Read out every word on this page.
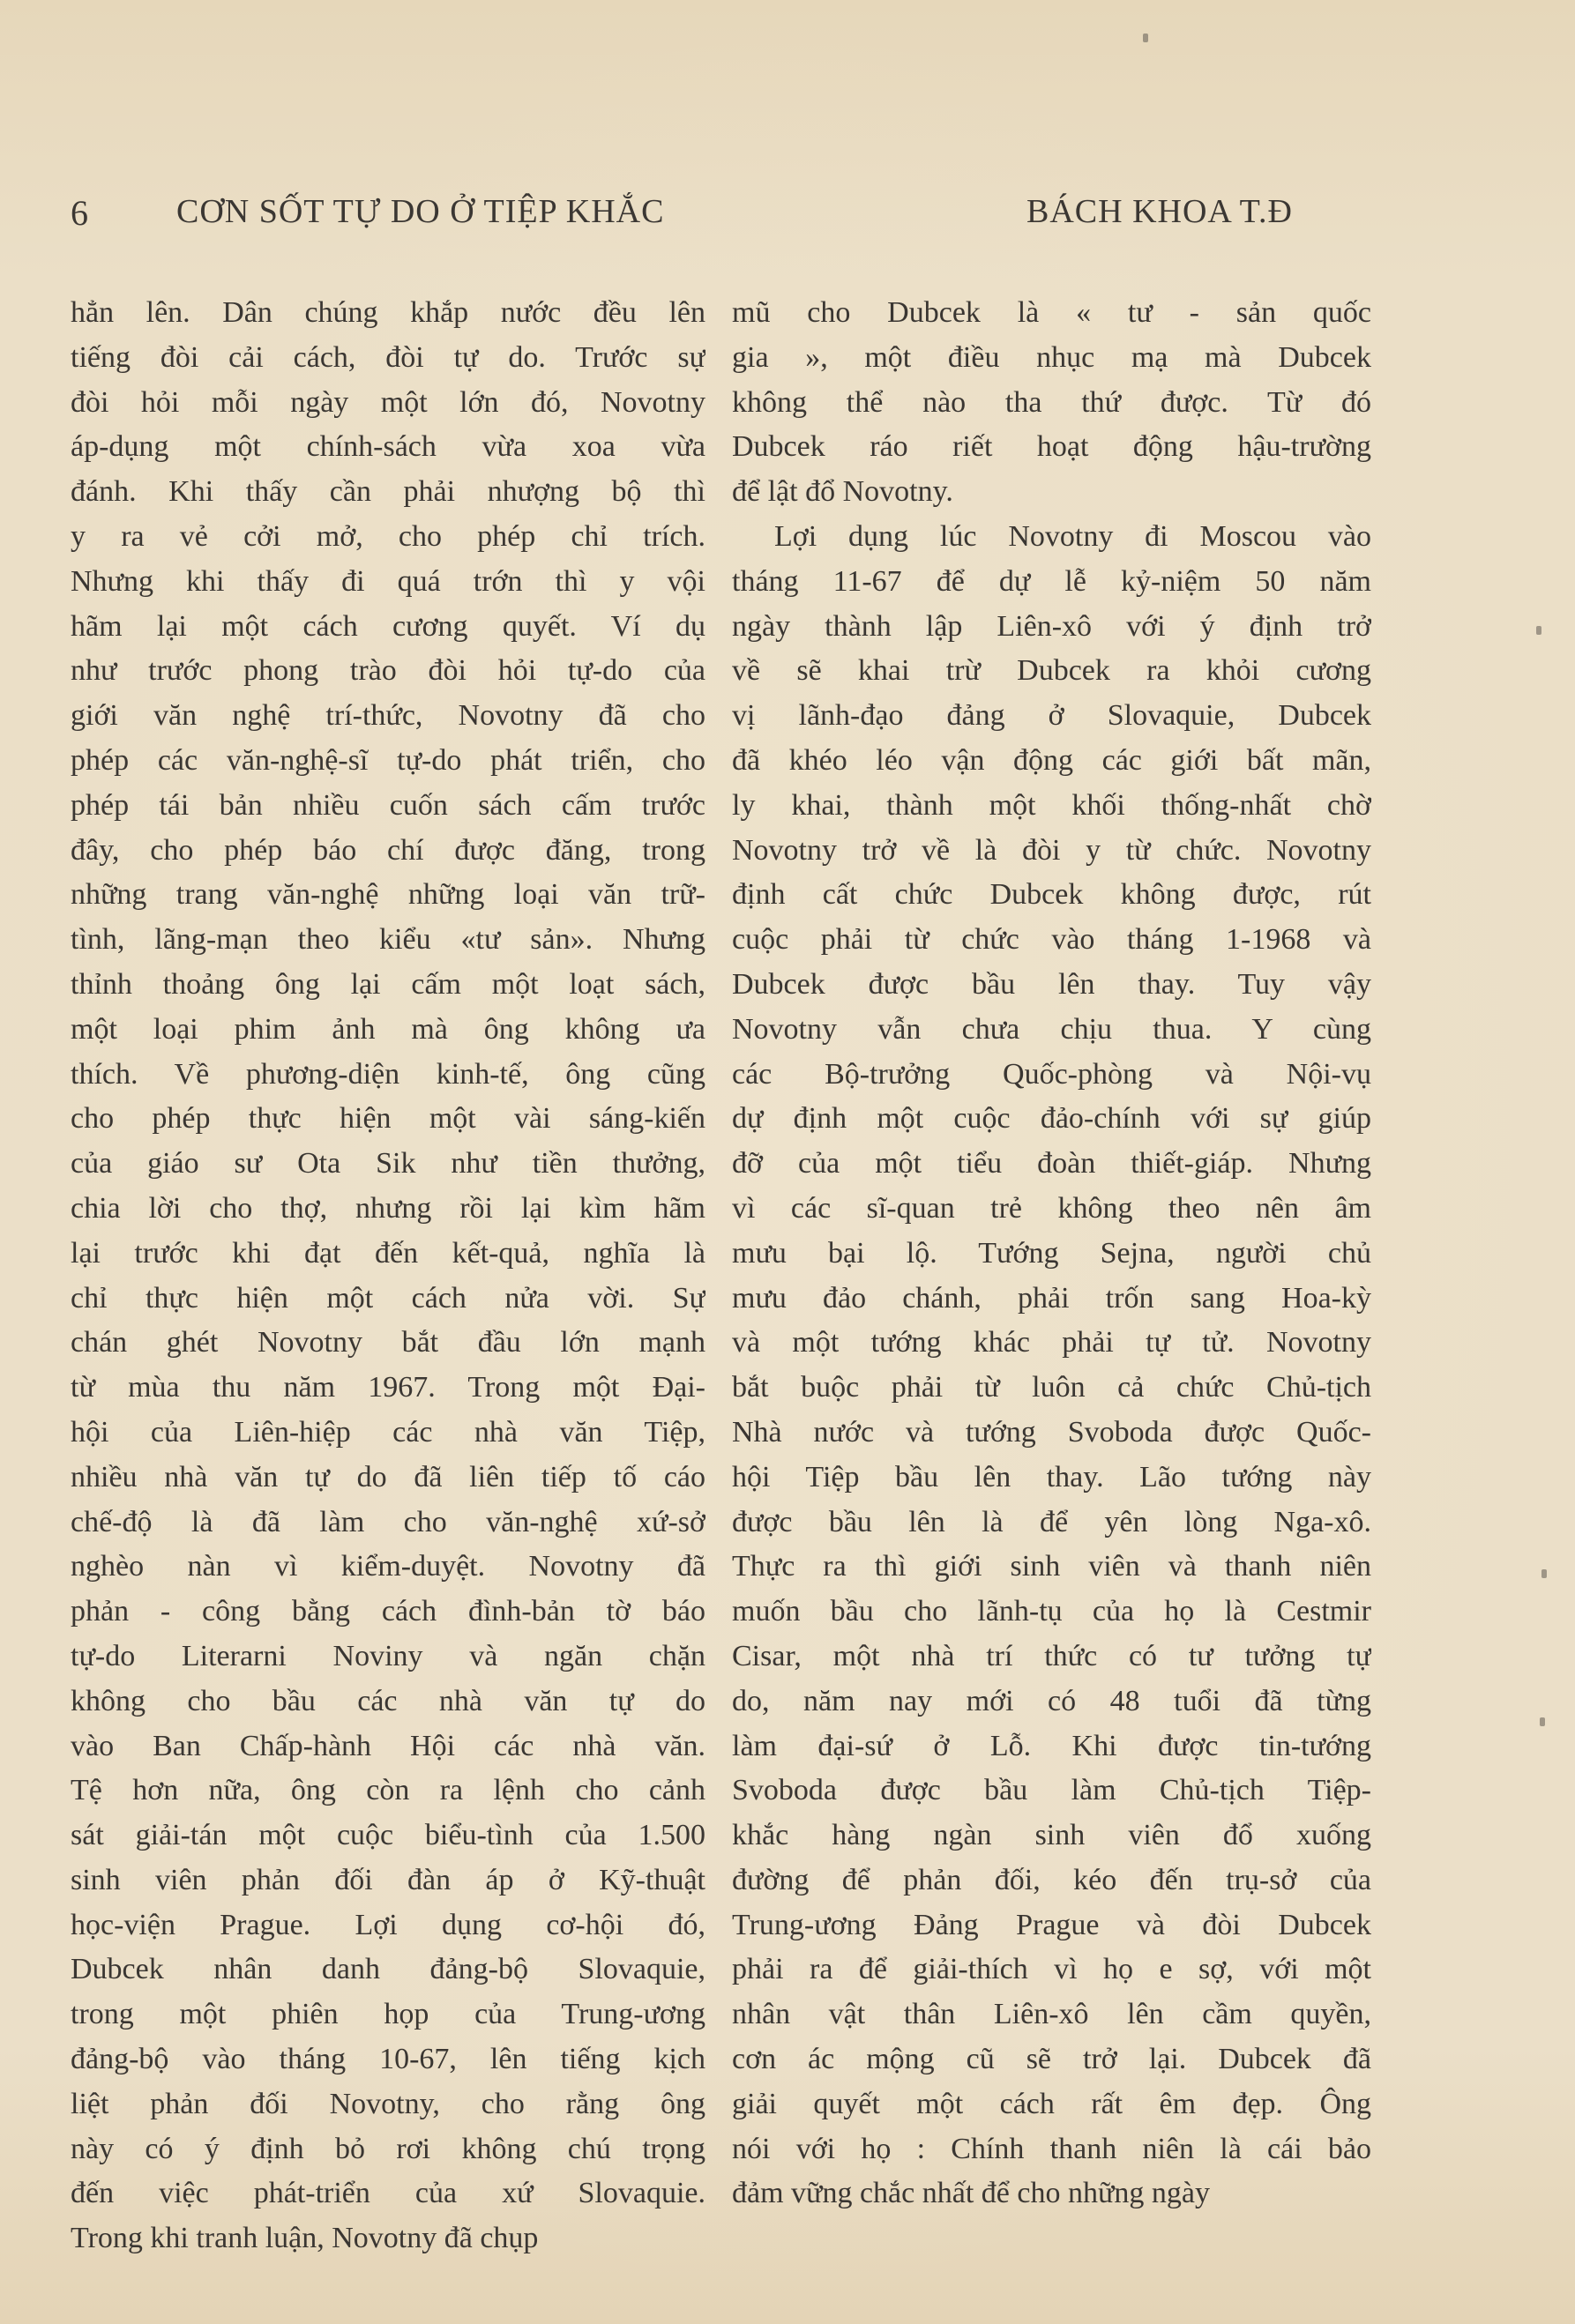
6	CƠN SỐT TỰ DO Ở TIỆP KHẮC	BÁCH KHOA T.Đ
hẳn lên. Dân chúng khắp nước đều lên
tiếng đòi cải cách, đòi tự do. Trước sự
đòi hỏi mỗi ngày một lớn đó, Novotny
áp-dụng một chính-sách vừa xoa vừa
đánh. Khi thấy cần phải nhượng bộ thì
y ra vẻ cởi mở, cho phép chỉ trích.
Nhưng khi thấy đi quá trớn thì y vội
hãm lại một cách cương quyết. Ví dụ
như trước phong trào đòi hỏi tự-do của
giới văn nghệ trí-thức, Novotny đã cho
phép các văn-nghệ-sĩ tự-do phát triển, cho
phép tái bản nhiều cuốn sách cấm trước
đây, cho phép báo chí được đăng, trong
những trang văn-nghệ những loại văn trữ-
tình, lãng-mạn theo kiểu «tư sản». Nhưng
thỉnh thoảng ông lại cấm một loạt sách,
một loại phim ảnh mà ông không ưa
thích. Về phương-diện kinh-tế, ông cũng
cho phép thực hiện một vài sáng-kiến
của giáo sư Ota Sik như tiền thưởng,
chia lời cho thợ, nhưng rồi lại kìm hãm
lại trước khi đạt đến kết-quả, nghĩa là
chỉ thực hiện một cách nửa vời. Sự
chán ghét Novotny bắt đầu lớn mạnh
từ mùa thu năm 1967. Trong một Đại-
hội của Liên-hiệp các nhà văn Tiệp,
nhiều nhà văn tự do đã liên tiếp tố cáo
chế-độ là đã làm cho văn-nghệ xứ-sở
nghèo nàn vì kiểm-duyệt. Novotny đã
phản - công bằng cách đình-bản tờ báo
tự-do Literarni Noviny và ngăn chặn
không cho bầu các nhà văn tự do
vào Ban Chấp-hành Hội các nhà văn.
Tệ hơn nữa, ông còn ra lệnh cho cảnh
sát giải-tán một cuộc biểu-tình của 1.500
sinh viên phản đối đàn áp ở Kỹ-thuật
học-viện Prague. Lợi dụng cơ-hội đó,
Dubcek nhân danh đảng-bộ Slovaquie,
trong một phiên họp của Trung-ương
đảng-bộ vào tháng 10-67, lên tiếng kịch
liệt phản đối Novotny, cho rằng ông
này có ý định bỏ rơi không chú trọng
đến việc phát-triển của xứ Slovaquie.
Trong khi tranh luận, Novotny đã chụp
mũ cho Dubcek là « tư - sản quốc
gia », một điều nhục mạ mà Dubcek
không thể nào tha thứ được. Từ đó
Dubcek ráo riết hoạt động hậu-trường
để lật đổ Novotny.
Lợi dụng lúc Novotny đi Moscou vào
tháng 11-67 để dự lễ kỷ-niệm 50 năm
ngày thành lập Liên-xô với ý định trở
về sẽ khai trừ Dubcek ra khỏi cương
vị lãnh-đạo đảng ở Slovaquie, Dubcek
đã khéo léo vận động các giới bất mãn,
ly khai, thành một khối thống-nhất chờ
Novotny trở về là đòi y từ chức. Novotny
định cất chức Dubcek không được, rút
cuộc phải từ chức vào tháng 1-1968 và
Dubcek được bầu lên thay. Tuy vậy
Novotny vẫn chưa chịu thua. Y cùng
các Bộ-trưởng Quốc-phòng và Nội-vụ
dự định một cuộc đảo-chính với sự giúp
đỡ của một tiểu đoàn thiết-giáp. Nhưng
vì các sĩ-quan trẻ không theo nên âm
mưu bại lộ. Tướng Sejna, người chủ
mưu đảo chánh, phải trốn sang Hoa-kỳ
và một tướng khác phải tự tử. Novotny
bắt buộc phải từ luôn cả chức Chủ-tịch
Nhà nước và tướng Svoboda được Quốc-
hội Tiệp bầu lên thay. Lão tướng này
được bầu lên là để yên lòng Nga-xô.
Thực ra thì giới sinh viên và thanh niên
muốn bầu cho lãnh-tụ của họ là Cestmir
Cisar, một nhà trí thức có tư tưởng tự
do, năm nay mới có 48 tuổi đã từng
làm đại-sứ ở Lỗ. Khi được tin-tướng
Svoboda được bầu làm Chủ-tịch Tiệp-
khắc hàng ngàn sinh viên đổ xuống
đường để phản đối, kéo đến trụ-sở của
Trung-ương Đảng Prague và đòi Dubcek
phải ra để giải-thích vì họ e sợ, với một
nhân vật thân Liên-xô lên cầm quyền,
cơn ác mộng cũ sẽ trở lại. Dubcek đã
giải quyết một cách rất êm đẹp. Ông
nói với họ : Chính thanh niên là cái bảo
đảm vững chắc nhất để cho những ngày
